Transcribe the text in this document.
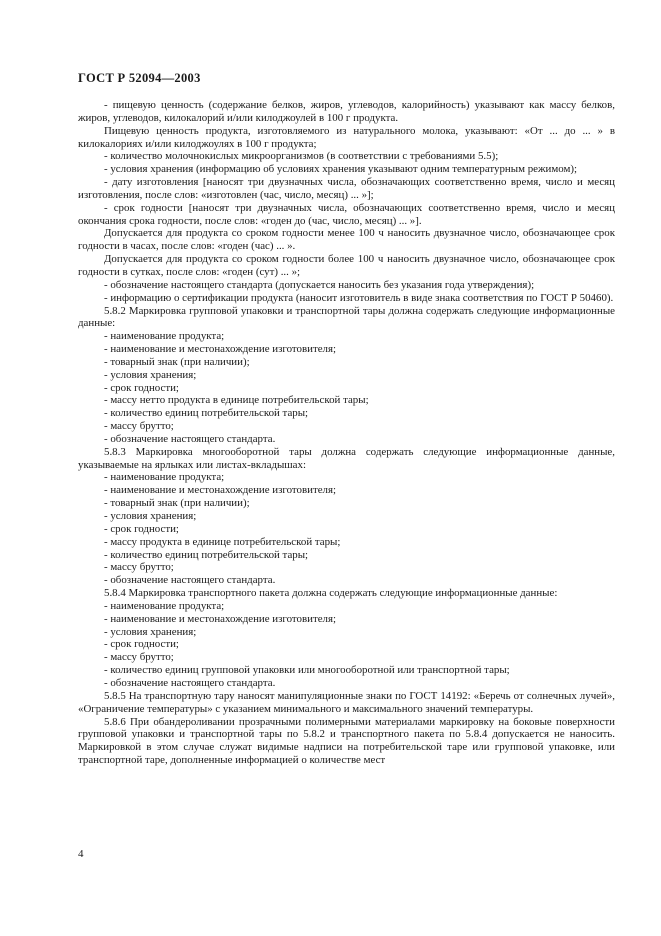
ГОСТ Р 52094—2003

- пищевую ценность (содержание белков, жиров, углеводов, калорийность) указывают как массу белков, жиров, углеводов, килокалорий и/или килоджоулей в 100 г продукта.

Пищевую ценность продукта, изготовляемого из натурального молока, указывают: «От ... до ... » в килокалориях и/или килоджоулях в 100 г продукта;

- количество молочнокислых микроорганизмов (в соответствии с требованиями 5.5);

- условия хранения (информацию об условиях хранения указывают одним температурным режимом);

- дату изготовления [наносят три двузначных числа, обозначающих соответственно время, число и месяц изготовления, после слов: «изготовлен (час, число, месяц) ... »];

- срок годности [наносят три двузначных числа, обозначающих соответственно время, число и месяц окончания срока годности, после слов: «годен до (час, число, месяц) ... »].

Допускается для продукта со сроком годности менее 100 ч наносить двузначное число, обозначающее срок годности в часах, после слов: «годен (час) ... ».

Допускается для продукта со сроком годности более 100 ч наносить двузначное число, обозначающее срок годности в сутках, после слов: «годен (сут) ... »;

- обозначение настоящего стандарта (допускается наносить без указания года утверждения);

- информацию о сертификации продукта (наносит изготовитель в виде знака соответствия по ГОСТ Р 50460).

5.8.2 Маркировка групповой упаковки и транспортной тары должна содержать следующие информационные данные:

- наименование продукта;

- наименование и местонахождение изготовителя;

- товарный знак (при наличии);

- условия хранения;

- срок годности;

- массу нетто продукта в единице потребительской тары;

- количество единиц потребительской тары;

- массу брутто;

- обозначение настоящего стандарта.

5.8.3 Маркировка многооборотной тары должна содержать следующие информационные данные, указываемые на ярлыках или листах-вкладышах:

- наименование продукта;

- наименование и местонахождение изготовителя;

- товарный знак (при наличии);

- условия хранения;

- срок годности;

- массу продукта в единице потребительской тары;

- количество единиц потребительской тары;

- массу брутто;

- обозначение настоящего стандарта.

5.8.4 Маркировка транспортного пакета должна содержать следующие информационные данные:

- наименование продукта;

- наименование и местонахождение изготовителя;

- условия хранения;

- срок годности;

- массу брутто;

- количество единиц групповой упаковки или многооборотной или транспортной тары;

- обозначение настоящего стандарта.

5.8.5 На транспортную тару наносят манипуляционные знаки по ГОСТ 14192: «Беречь от солнечных лучей», «Ограничение температуры» с указанием минимального и максимального значений температуры.

5.8.6 При обандероливании прозрачными полимерными материалами маркировку на боковые поверхности групповой упаковки и транспортной тары по 5.8.2 и транспортного пакета по 5.8.4 допускается не наносить. Маркировкой в этом случае служат видимые надписи на потребительской таре или групповой упаковке, или транспортной таре, дополненные информацией о количестве мест

4
